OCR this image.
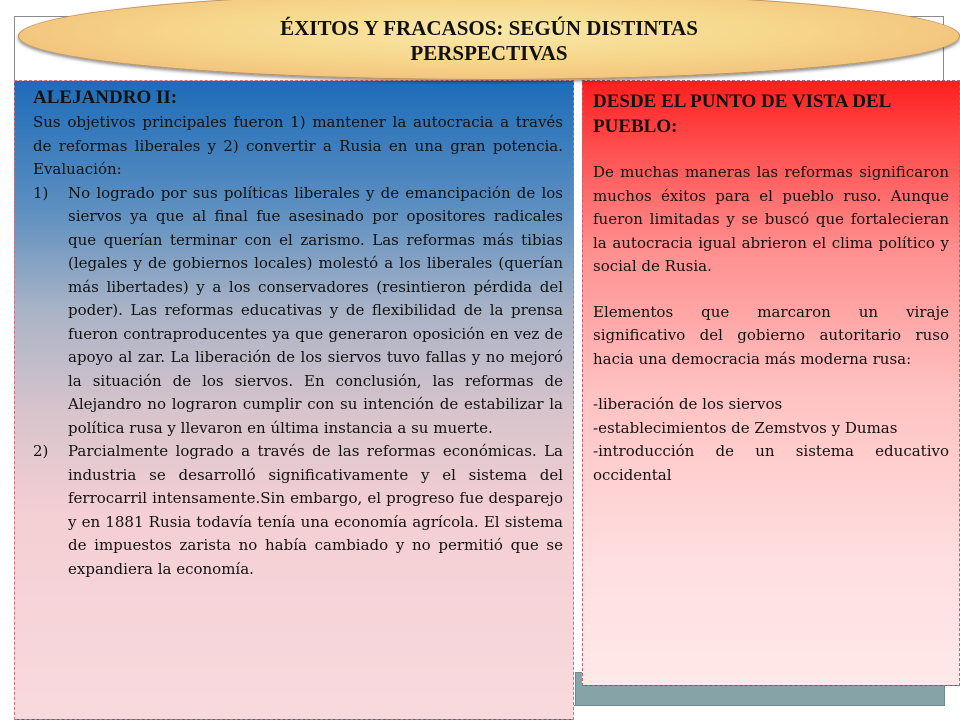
ALEJANDRO II:

Sus objetivos principales fueron 1) mantener la autocracia a través de reformas liberales y 2) convertir a Rusia en una gran potencia. Evaluación:

1) No logrado por sus políticas liberales y de emancipación de los siervos ya que al final fue asesinado por opositores radicales que querían terminar con el zarismo. Las reformas más tibias (legales y de gobiernos locales) molestó a los liberales (querían más libertades) y a los conservadores (resintieron pérdida del poder). Las reformas educativas y de flexibilidad de la prensa fueron contraproducentes ya que generaron oposición en vez de apoyo al zar. La liberación de los siervos tuvo fallas y no mejoró la situación de los siervos. En conclusión, las reformas de Alejandro no lograron cumplir con su intención de estabilizar la política rusa y llevaron en última instancia a su muerte.
2) Parcialmente logrado a través de las reformas económicas. La industria se desarrolló significativamente y el sistema del ferrocarril intensamente.Sin embargo, el progreso fue desparejo y en 1881 Rusia todavía tenía una economía agrícola. El sistema de impuestos zarista no había cambiado y no permitió que se expandiera la economía.
DESDE EL PUNTO DE VISTA DEL PUEBLO:

De muchas maneras las reformas significaron muchos éxitos para el pueblo ruso. Aunque fueron limitadas y se buscó que fortalecieran la autocracia igual abrieron el clima político y social de Rusia.

Elementos que marcaron un viraje significativo del gobierno autoritario ruso hacia una democracia más moderna rusa:

-liberación de los siervos
-establecimientos de Zemstvos y Dumas
-introducción de un sistema educativo occidental
ÉXITOS Y FRACASOS: SEGÚN DISTINTAS PERSPECTIVAS
